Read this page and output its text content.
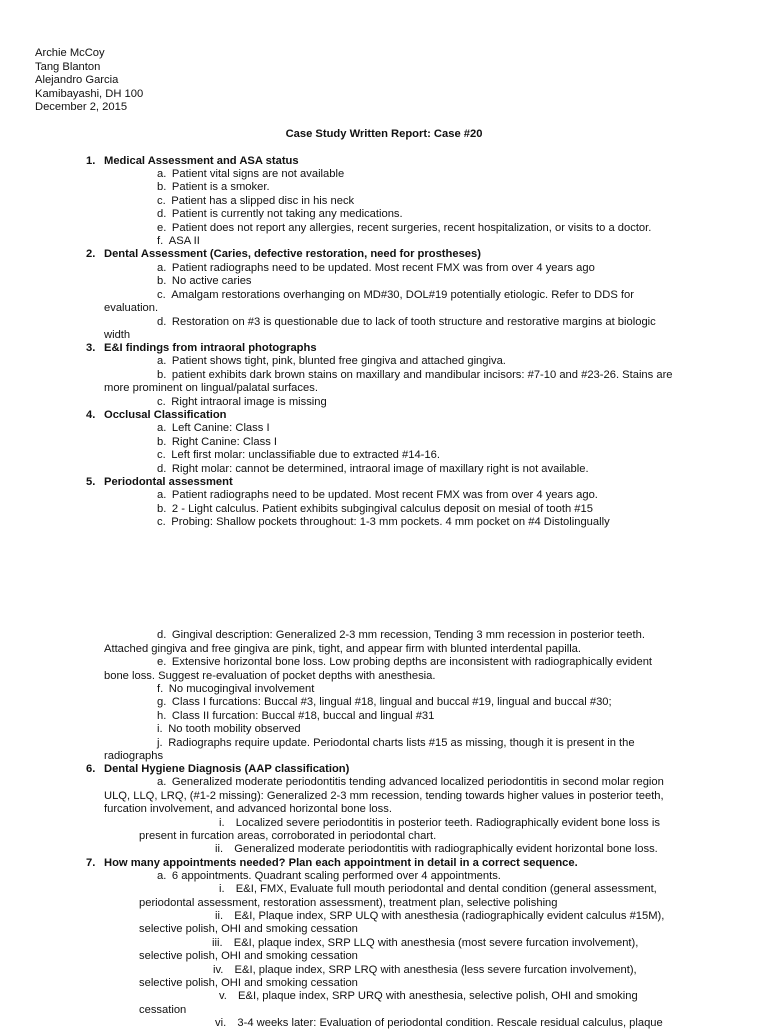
Archie McCoy
Tang Blanton
Alejandro Garcia
Kamibayashi, DH 100
December 2, 2015
Case Study Written Report: Case #20
1. Medical Assessment and ASA status
a. Patient vital signs are not available
b. Patient is a smoker.
c. Patient has a slipped disc in his neck
d. Patient is currently not taking any medications.
e. Patient does not report any allergies, recent surgeries, recent hospitalization, or visits to a doctor.
f. ASA II
2. Dental Assessment (Caries, defective restoration, need for prostheses)
a. Patient radiographs need to be updated. Most recent FMX was from over 4 years ago
b. No active caries
c. Amalgam restorations overhanging on MD#30, DOL#19 potentially etiologic. Refer to DDS for
evaluation.
d. Restoration on #3 is questionable due to lack of tooth structure and restorative margins at biologic
width
3. E&I findings from intraoral photographs
a. Patient shows tight, pink, blunted free gingiva and attached gingiva.
b. patient exhibits dark brown stains on maxillary and mandibular incisors: #7-10 and #23-26. Stains are
more prominent on lingual/palatal surfaces.
c. Right intraoral image is missing
4. Occlusal Classification
a. Left Canine: Class I
b. Right Canine: Class I
c. Left first molar: unclassifiable due to extracted #14-16.
d. Right molar: cannot be determined, intraoral image of maxillary right is not available.
5. Periodontal assessment
a. Patient radiographs need to be updated. Most recent FMX was from over 4 years ago.
b. 2 - Light calculus. Patient exhibits subgingival calculus deposit on mesial of tooth #15
c. Probing: Shallow pockets throughout: 1-3 mm pockets. 4 mm pocket on #4 Distolingually
d. Gingival description: Generalized 2-3 mm recession, Tending 3 mm recession in posterior teeth.
Attached gingiva and free gingiva are pink, tight, and appear firm with blunted interdental papilla.
e. Extensive horizontal bone loss. Low probing depths are inconsistent with radiographically evident
bone loss. Suggest re-evaluation of pocket depths with anesthesia.
f. No mucogingival involvement
g. Class I furcations: Buccal #3, lingual #18, lingual and buccal #19, lingual and buccal #30;
h. Class II furcation: Buccal #18, buccal and lingual #31
i. No tooth mobility observed
j. Radiographs require update. Periodontal charts lists #15 as missing, though it is present in the
radiographs
6. Dental Hygiene Diagnosis (AAP classification)
a. Generalized moderate periodontitis tending advanced localized periodontitis in second molar region
ULQ, LLQ, LRQ, (#1-2 missing): Generalized 2-3 mm recession, tending towards higher values in posterior teeth,
furcation involvement, and advanced horizontal bone loss.
i.  Localized severe periodontitis in posterior teeth. Radiographically evident bone loss is
present in furcation areas, corroborated in periodontal chart.
ii.  Generalized moderate periodontitis with radiographically evident horizontal bone loss.
7. How many appointments needed? Plan each appointment in detail in a correct sequence.
a. 6 appointments. Quadrant scaling performed over 4 appointments.
i.  E&I, FMX, Evaluate full mouth periodontal and dental condition (general assessment,
periodontal assessment, restoration assessment), treatment plan, selective polishing
ii.  E&I, Plaque index, SRP ULQ with anesthesia (radiographically evident calculus #15M),
selective polish, OHI and smoking cessation
iii.  E&I, plaque index, SRP LLQ with anesthesia (most severe furcation involvement),
selective polish, OHI and smoking cessation
iv.  E&I, plaque index, SRP LRQ with anesthesia (less severe furcation involvement),
selective polish, OHI and smoking cessation
v.  E&I, plaque index, SRP URQ with anesthesia, selective polish, OHI and smoking
cessation
vi.  3-4 weeks later: Evaluation of periodontal condition. Rescale residual calculus, plaque
